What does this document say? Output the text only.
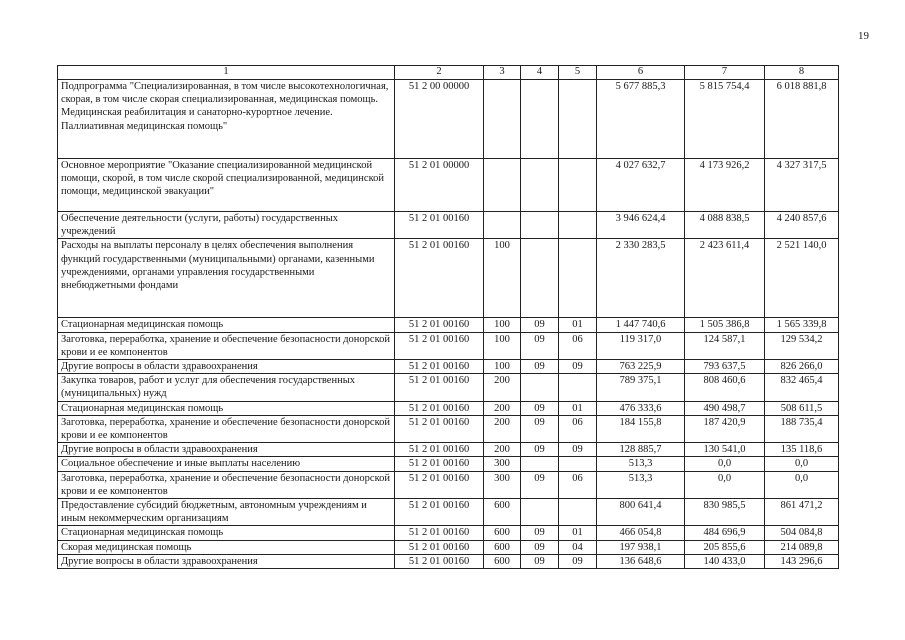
19
1	2	3	4	5	6	7	8
Подпрограмма "Специализированная, в том числе высокотехнологичная, скорая, в том числе скорая специализированная, медицинская помощь. Медицинская реабилитация и санаторно-курортное лечение. Паллиативная медицинская помощь"	51 2 00 00000				5 677 885,3	5 815 754,4	6 018 881,8
Основное мероприятие "Оказание специализированной медицинской помощи, скорой, в том числе скорой специализированной, медицинской помощи, медицинской эвакуации"	51 2 01 00000				4 027 632,7	4 173 926,2	4 327 317,5
Обеспечение деятельности (услуги, работы) государственных учреждений	51 2 01 00160				3 946 624,4	4 088 838,5	4 240 857,6
Расходы на выплаты персоналу в целях обеспечения выполнения функций государственными (муниципальными) органами, казенными учреждениями, органами управления государственными внебюджетными фондами	51 2 01 00160	100			2 330 283,5	2 423 611,4	2 521 140,0
Стационарная медицинская помощь	51 2 01 00160	100	09	01	1 447 740,6	1 505 386,8	1 565 339,8
Заготовка, переработка, хранение и обеспечение безопасности донорской крови и ее компонентов	51 2 01 00160	100	09	06	119 317,0	124 587,1	129 534,2
Другие вопросы в области здравоохранения	51 2 01 00160	100	09	09	763 225,9	793 637,5	826 266,0
Закупка товаров, работ и услуг для обеспечения государственных (муниципальных) нужд	51 2 01 00160	200			789 375,1	808 460,6	832 465,4
Стационарная медицинская помощь	51 2 01 00160	200	09	01	476 333,6	490 498,7	508 611,5
Заготовка, переработка, хранение и обеспечение безопасности донорской крови и ее компонентов	51 2 01 00160	200	09	06	184 155,8	187 420,9	188 735,4
Другие вопросы в области здравоохранения	51 2 01 00160	200	09	09	128 885,7	130 541,0	135 118,6
Социальное обеспечение и иные выплаты населению	51 2 01 00160	300			513,3	0,0	0,0
Заготовка, переработка, хранение и обеспечение безопасности донорской крови и ее компонентов	51 2 01 00160	300	09	06	513,3	0,0	0,0
Предоставление субсидий бюджетным, автономным учреждениям и иным некоммерческим организациям	51 2 01 00160	600			800 641,4	830 985,5	861 471,2
Стационарная медицинская помощь	51 2 01 00160	600	09	01	466 054,8	484 696,9	504 084,8
Скорая медицинская помощь	51 2 01 00160	600	09	04	197 938,1	205 855,6	214 089,8
Другие вопросы в области здравоохранения	51 2 01 00160	600	09	09	136 648,6	140 433,0	143 296,6
